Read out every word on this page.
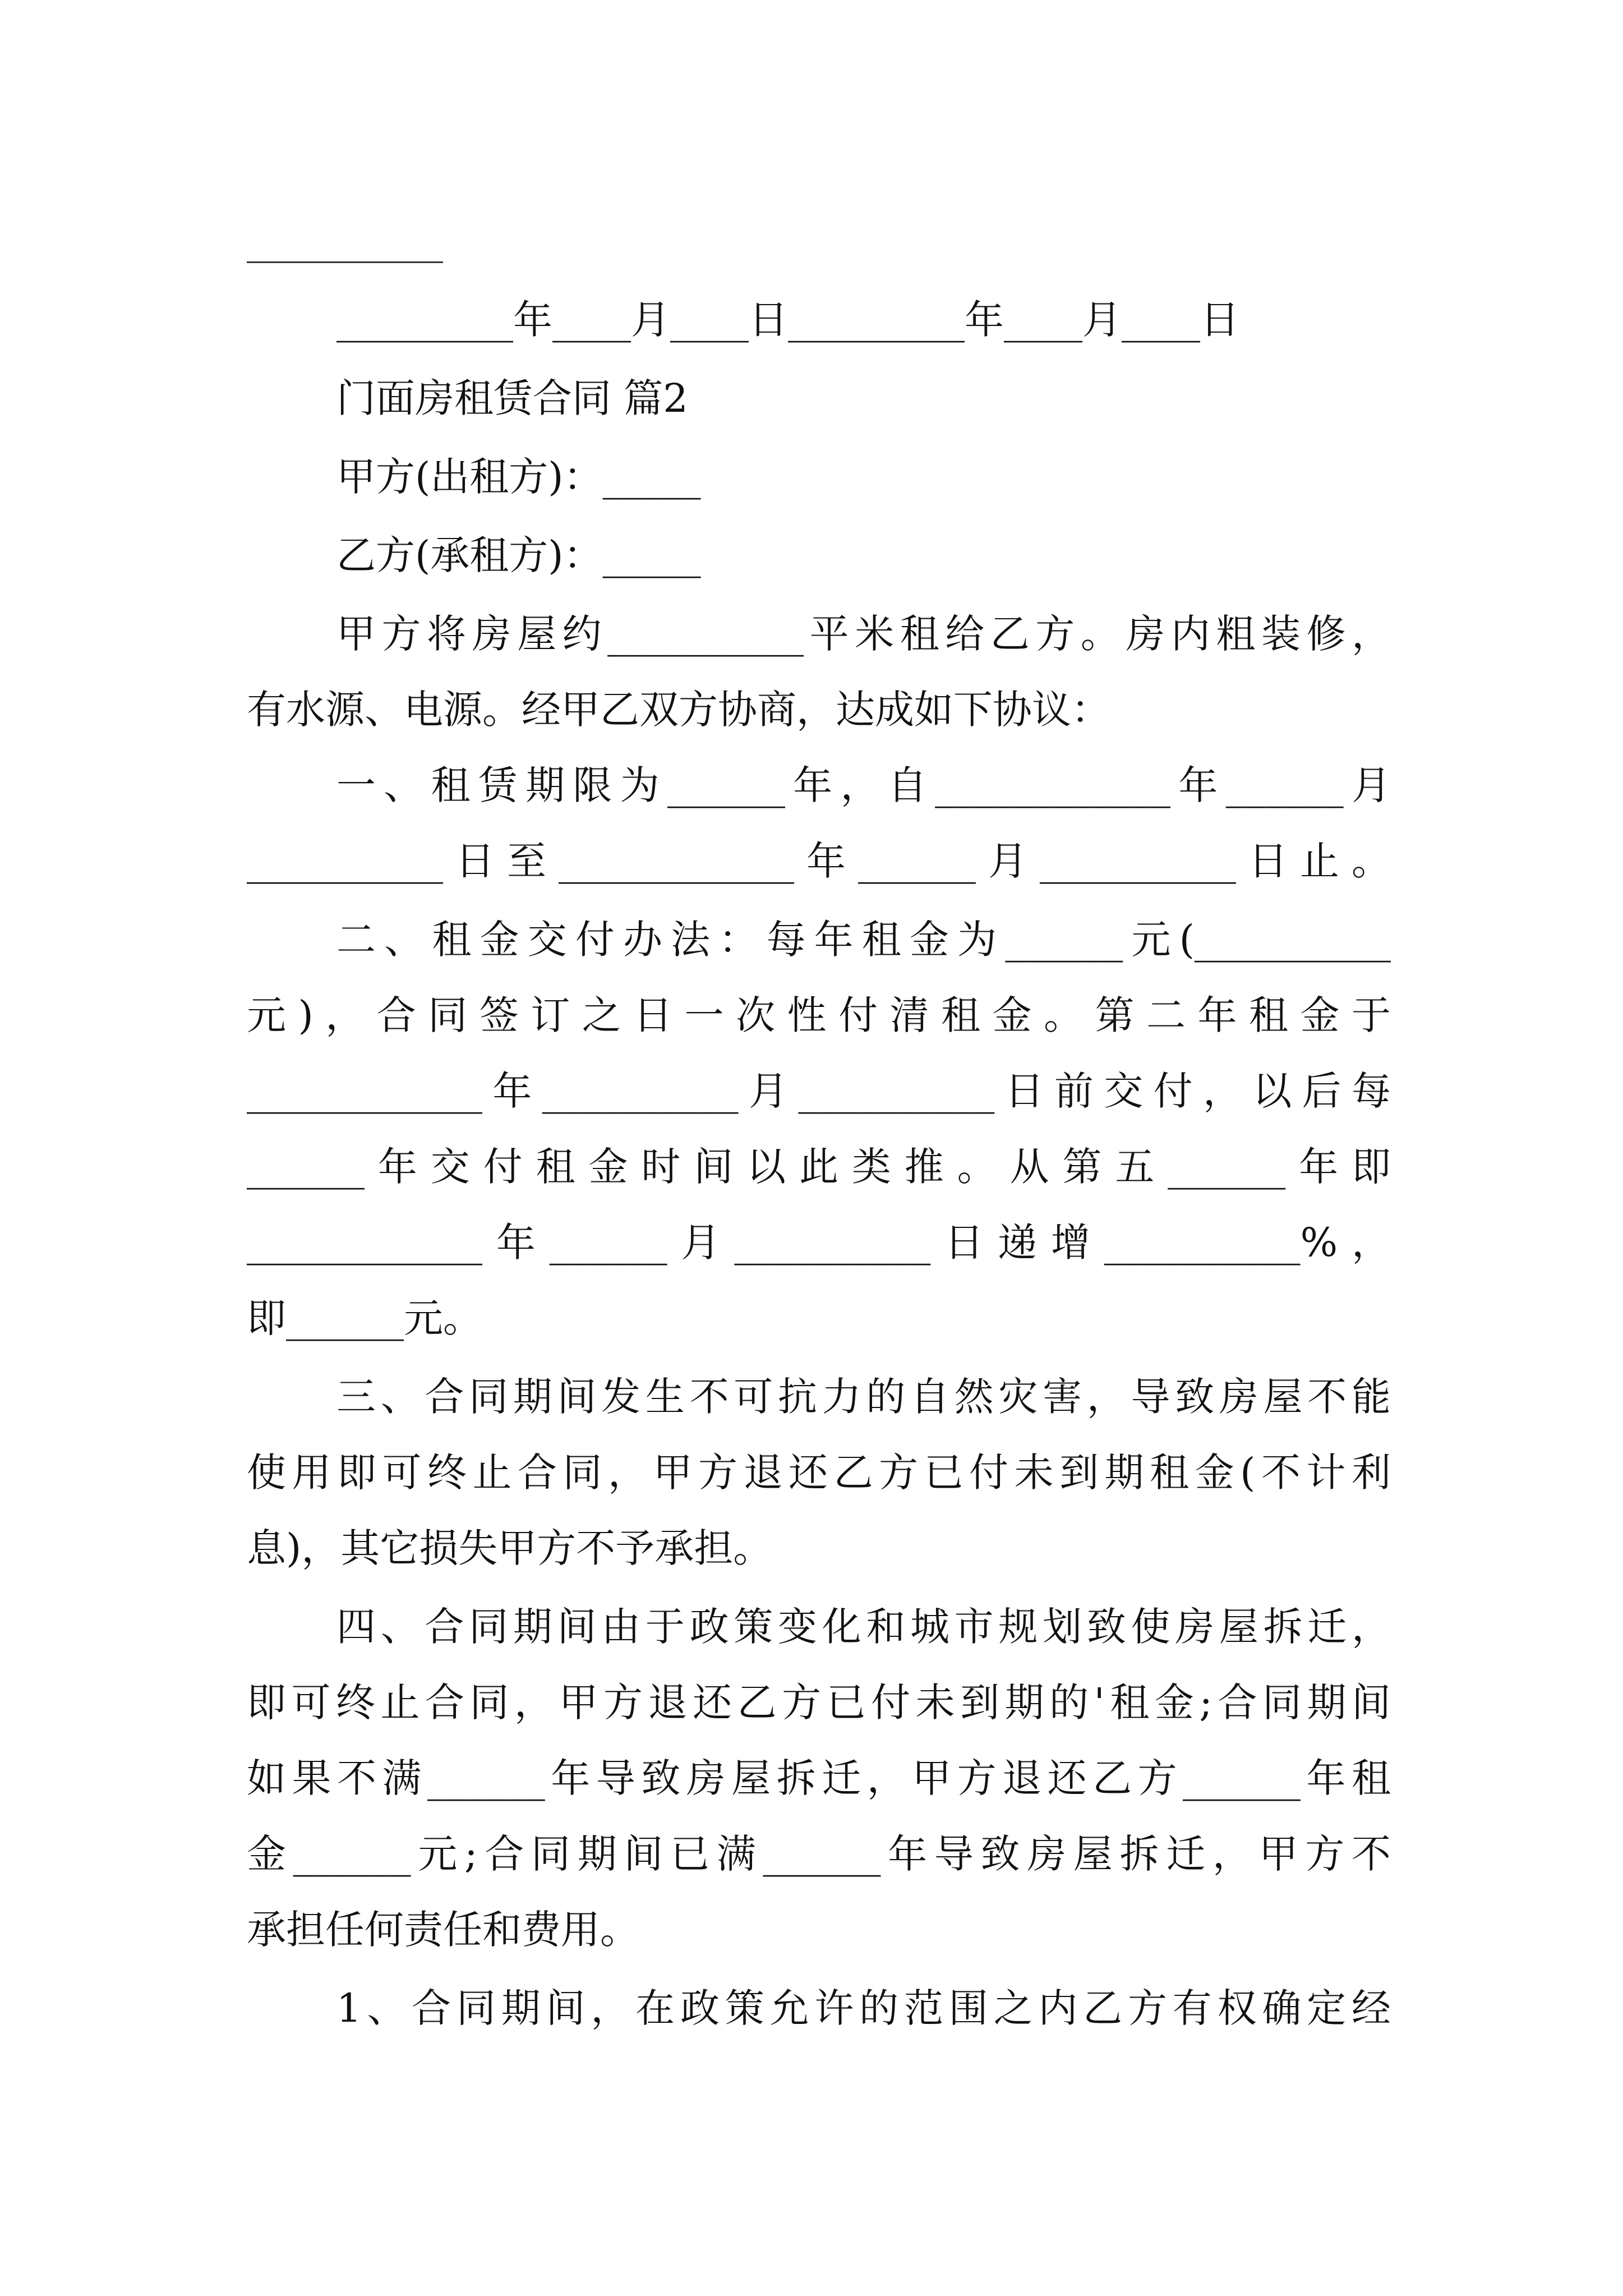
_________年____月____日_________年____月____日
门面房租赁合同 篇2
甲方(出租方)：_____
乙方(承租方)：_____
甲方将房屋约__________平米租给乙方。房内粗装修，
有水源、电源。经甲乙双方协商，达成如下协议：
一、租赁期限为______年，自____________年______月
__________日至____________年______月__________日止。
二、租金交付办法：每年租金为______元(__________
元)，合同签订之日一次性付清租金。第二年租金于
____________年__________月__________日前交付，以后每
______年交付租金时间以此类推。从第五______年即
____________年______月__________日递增__________%，
即______元。
三、合同期间发生不可抗力的自然灾害，导致房屋不能
使用即可终止合同，甲方退还乙方已付未到期租金(不计利
息)，其它损失甲方不予承担。
四、合同期间由于政策变化和城市规划致使房屋拆迁，
即可终止合同，甲方退还乙方已付未到期的'租金;合同期间
如果不满______年导致房屋拆迁，甲方退还乙方______年租
金______元;合同期间已满______年导致房屋拆迁，甲方不
承担任何责任和费用。
1、合同期间，在政策允许的范围之内乙方有权确定经
